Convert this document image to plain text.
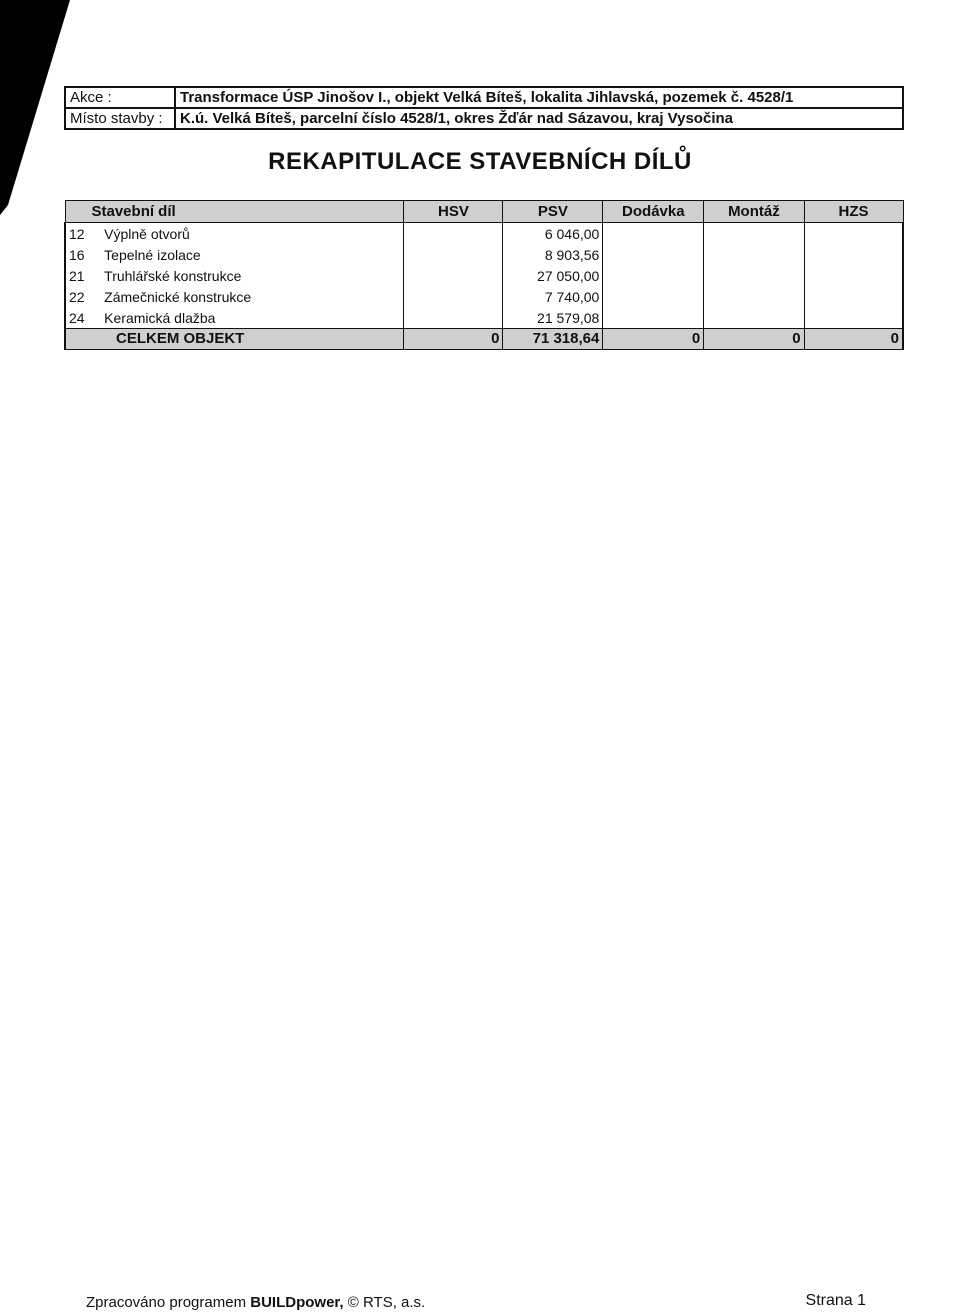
Akce :	Transformace ÚSP Jinošov I., objekt Velká Bíteš, lokalita Jihlavská, pozemek č. 4528/1
Místo stavby :	K.ú. Velká Bíteš, parcelní číslo 4528/1, okres Žďár nad Sázavou, kraj Vysočina
REKAPITULACE STAVEBNÍCH DÍLŮ
Stavební díl		HSV	PSV	Dodávka	Montáž	HZS
12	Výplně otvorů		6 046,00			
16	Tepelné izolace		8 903,56			
21	Truhlářské konstrukce		27 050,00			
22	Zámečnické konstrukce		7 740,00			
24	Keramická dlažba		21 579,08			
CELKEM OBJEKT		0	71 318,64	0	0	0
Zpracováno programem BUILDpower, © RTS, a.s.	Strana 1
